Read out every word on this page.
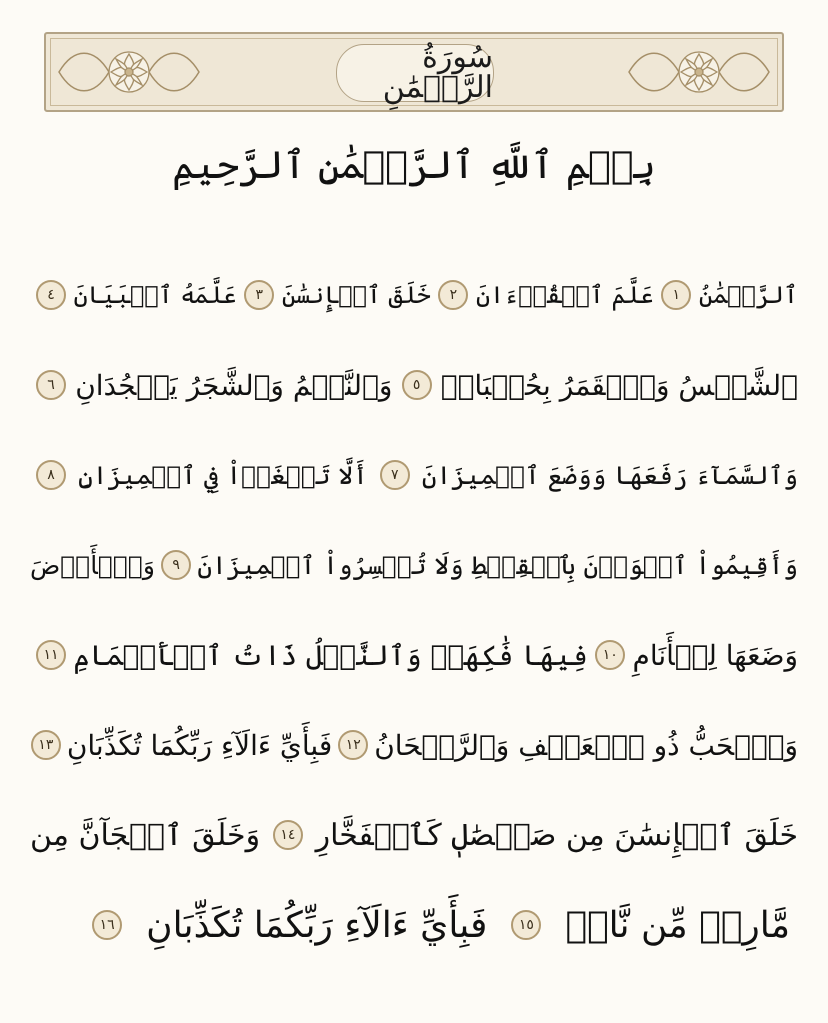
سُورَةُ الرَّحۡمَٰنِ
بِسۡمِ ٱللَّهِ ٱلرَّحۡمَٰنِ ٱلرَّحِيمِ
ٱلرَّحۡمَٰنُ
١
عَلَّمَ ٱلۡقُرۡءَانَ
٢
خَلَقَ ٱلۡإِنسَٰنَ
٣
عَلَّمَهُ ٱلۡبَيَانَ
٤
ٱلشَّمۡسُ وَٱلۡقَمَرُ بِحُسۡبَانٖ
٥
وَٱلنَّجۡمُ وَٱلشَّجَرُ يَسۡجُدَانِ
٦
وَٱلسَّمَآءَ رَفَعَهَا وَوَضَعَ ٱلۡمِيزَانَ
٧
أَلَّا تَطۡغَوۡاْ فِي ٱلۡمِيزَانِ
٨
وَأَقِيمُواْ ٱلۡوَزۡنَ بِٱلۡقِسۡطِ وَلَا تُخۡسِرُواْ ٱلۡمِيزَانَ
٩
وَٱلۡأَرۡضَ
وَضَعَهَا لِلۡأَنَامِ
١٠
فِيهَا فَٰكِهَةٞ وَٱلنَّخۡلُ ذَاتُ ٱلۡأَكۡمَامِ
١١
وَٱلۡحَبُّ ذُو ٱلۡعَصۡفِ وَٱلرَّيۡحَانُ
١٢
فَبِأَيِّ ءَالَآءِ رَبِّكُمَا تُكَذِّبَانِ
١٣
خَلَقَ ٱلۡإِنسَٰنَ مِن صَلۡصَٰلٖ كَٱلۡفَخَّارِ
١٤
وَخَلَقَ ٱلۡجَآنَّ مِن
مَّارِجٖ مِّن نَّارٖ
١٥
فَبِأَيِّ ءَالَآءِ رَبِّكُمَا تُكَذِّبَانِ
١٦
